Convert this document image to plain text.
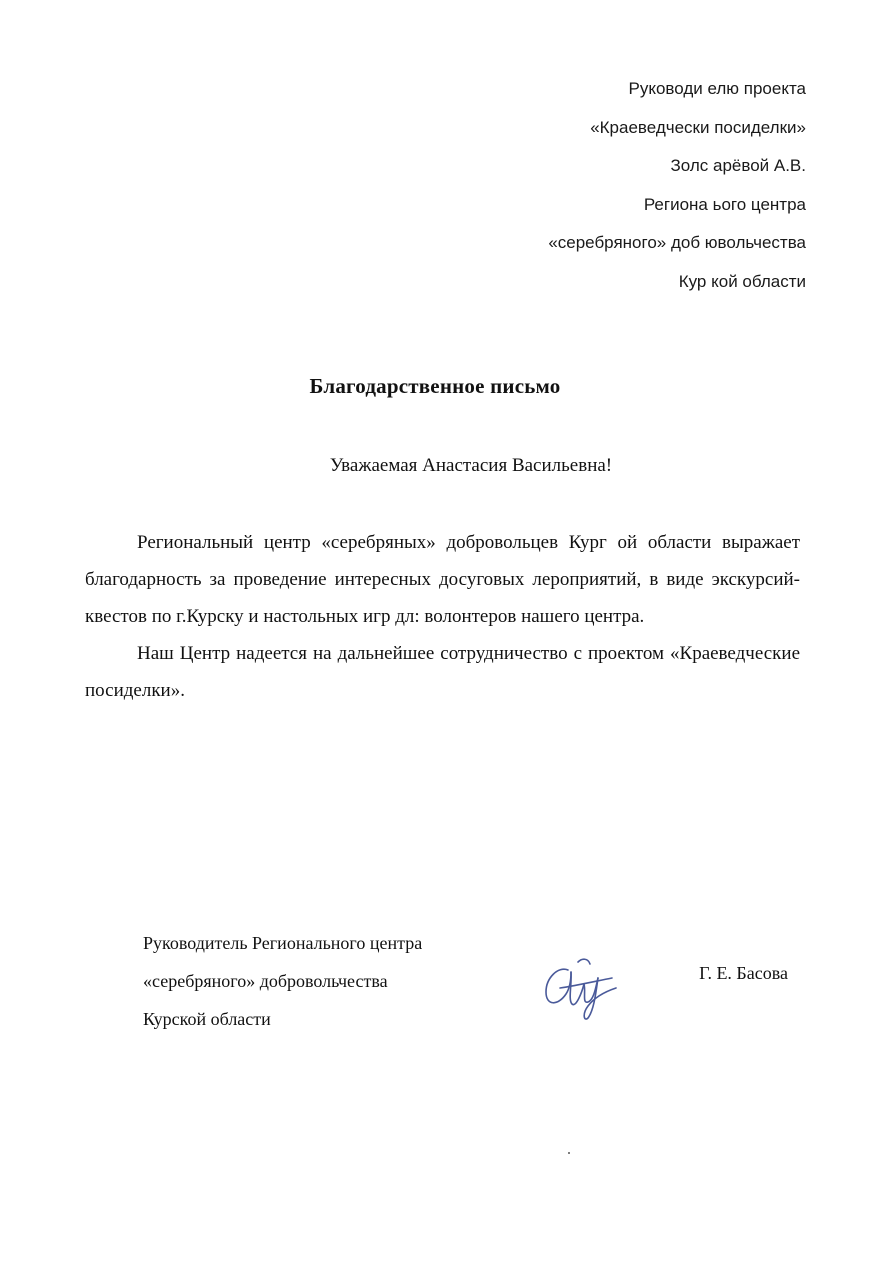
Руководи елю проекта
«Краеведчески посиделки»
Золс арёвой А.В.
Региона ього центра
«серебряного» доб ювольчества
Кур кой области
Благодарственное письмо
Уважаемая Анастасия Васильевна!

Региональный центр «серебряных» добровольцев Кург ой области выражает благодарность за проведение интересных досуговых лероприятий, в виде экскурсий-квестов по г.Курску и настольных игр дл: волонтеров нашего центра.

Наш Центр надеется на дальнейшее сотрудничество с проектом «Краеведческие посиделки».

Руководитель Регионального центра
«серебряного» добровольчества
Курской области
Г. Е. Басова
